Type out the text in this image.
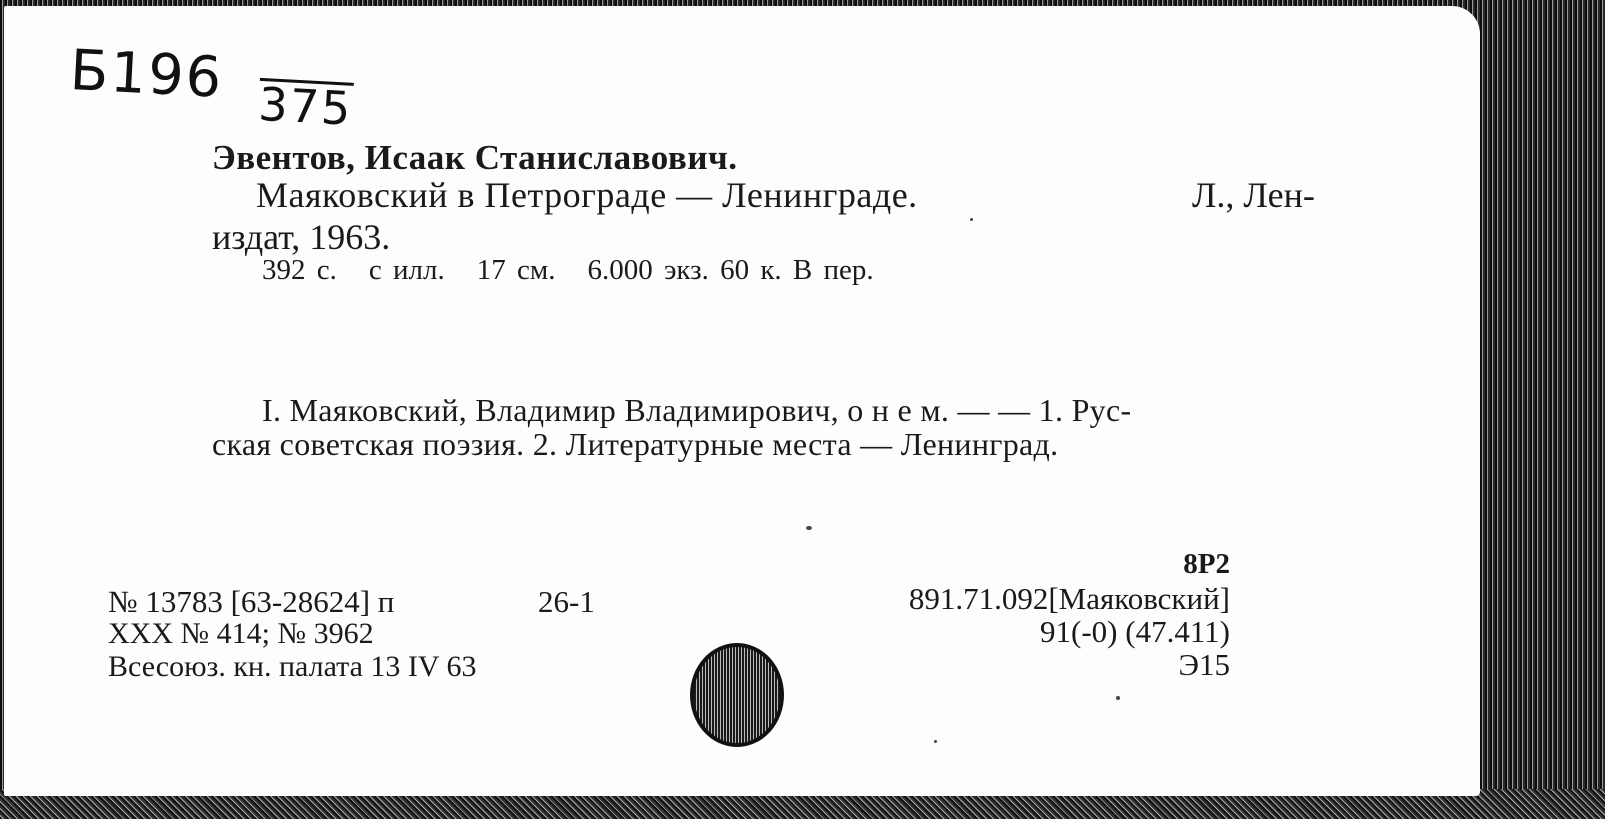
Б196 375
Эвентов, Исаак Станиславович.
Маяковский в Петрограде — Ленинграде.	Л., Лен-
издат, 1963.
392 с. с илл. 17 см. 6.000 экз. 60 к. В пер.
I. Маяковский, Владимир Владимирович, о н е м. — — 1. Рус-
ская советская поэзия. 2. Литературные места — Ленинград.
№ 13783 [63-28624] п	26-1
XXX № 414; № 3962
Всесоюз. кн. палата 13 IV 63
8Р2
891.71.092[Маяковский]
91(-0) (47.411)
Э15
